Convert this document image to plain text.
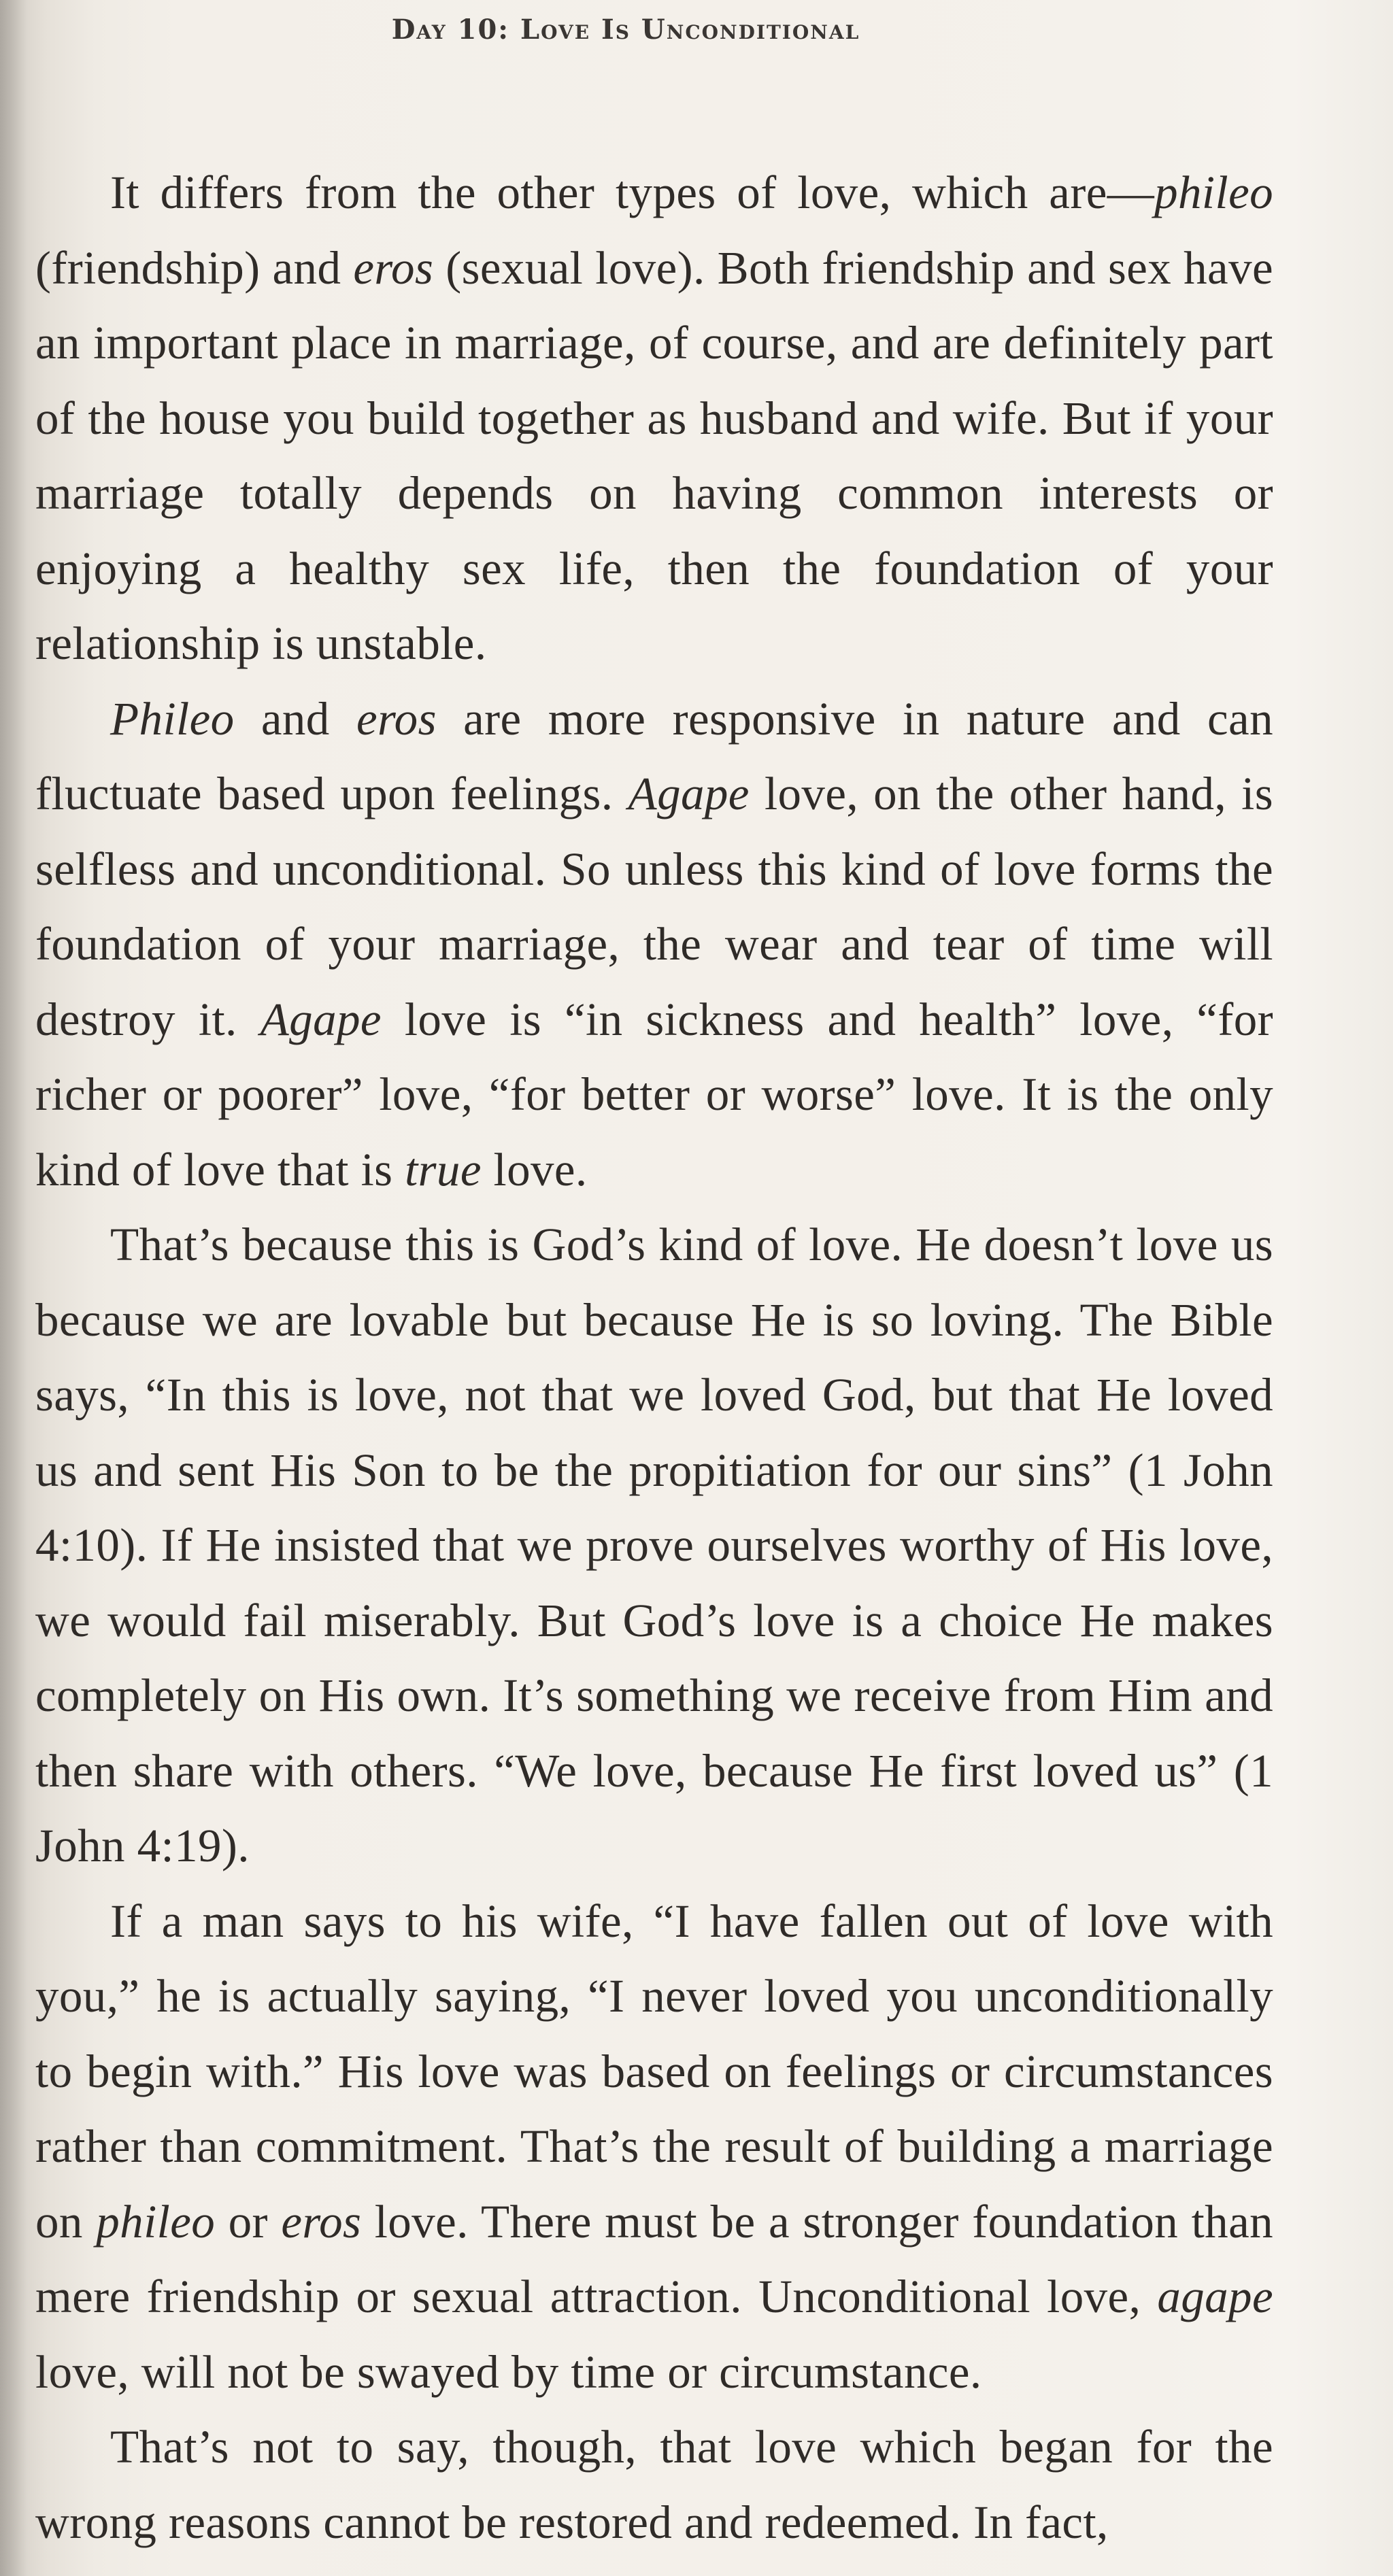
Day 10: Love Is Unconditional

It differs from the other types of love, which are—phileo (friendship) and eros (sexual love). Both friendship and sex have an important place in marriage, of course, and are definitely part of the house you build together as husband and wife. But if your marriage totally depends on having common interests or enjoying a healthy sex life, then the foundation of your relationship is unstable.

Phileo and eros are more responsive in nature and can fluctuate based upon feelings. Agape love, on the other hand, is selfless and unconditional. So unless this kind of love forms the foundation of your marriage, the wear and tear of time will destroy it. Agape love is “in sickness and health” love, “for richer or poorer” love, “for better or worse” love. It is the only kind of love that is true love.

That’s because this is God’s kind of love. He doesn’t love us because we are lovable but because He is so loving. The Bible says, “In this is love, not that we loved God, but that He loved us and sent His Son to be the propitiation for our sins” (1 John 4:10). If He insisted that we prove ourselves worthy of His love, we would fail miserably. But God’s love is a choice He makes completely on His own. It’s something we receive from Him and then share with others. “We love, because He first loved us” (1 John 4:19).

If a man says to his wife, “I have fallen out of love with you,” he is actually saying, “I never loved you unconditionally to begin with.” His love was based on feelings or circumstances rather than commitment. That’s the result of building a marriage on phileo or eros love. There must be a stronger foundation than mere friendship or sexual attraction. Unconditional love, agape love, will not be swayed by time or circumstance.

That’s not to say, though, that love which began for the wrong reasons cannot be restored and redeemed. In fact,
